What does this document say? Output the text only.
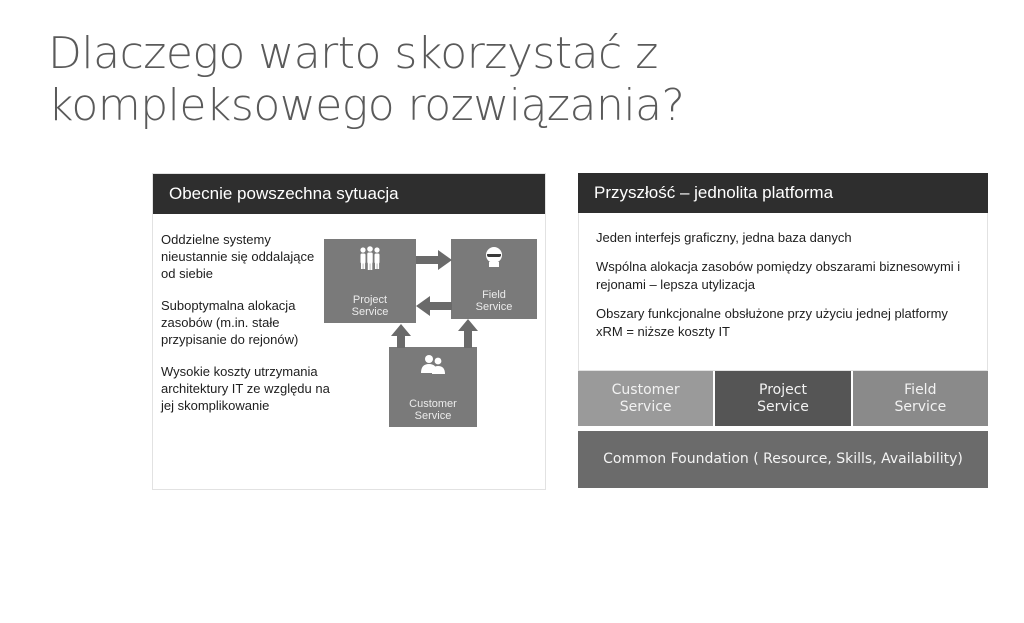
Dlaczego warto skorzystać z kompleksowego rozwiązania?
Obecnie powszechna sytuacja

Oddzielne systemy nieustannie się oddalające od siebie

Suboptymalna alokacja zasobów (m.in. stałe przypisanie do rejonów)

Wysokie koszty utrzymania architektury IT ze względu na jej skomplikowanie

Project
Service
Field
Service
Customer
Service
Przyszłość – jednolita platforma

Jeden interfejs graficzny, jedna baza danych

Wspólna alokacja zasobów pomiędzy obszarami biznesowymi i rejonami – lepsza utylizacja

Obszary funkcjonalne obsłużone przy użyciu jednej platformy xRM = niższe koszty IT

Customer
Service
Project
Service
Field
Service
Common Foundation ( Resource, Skills, Availability)
